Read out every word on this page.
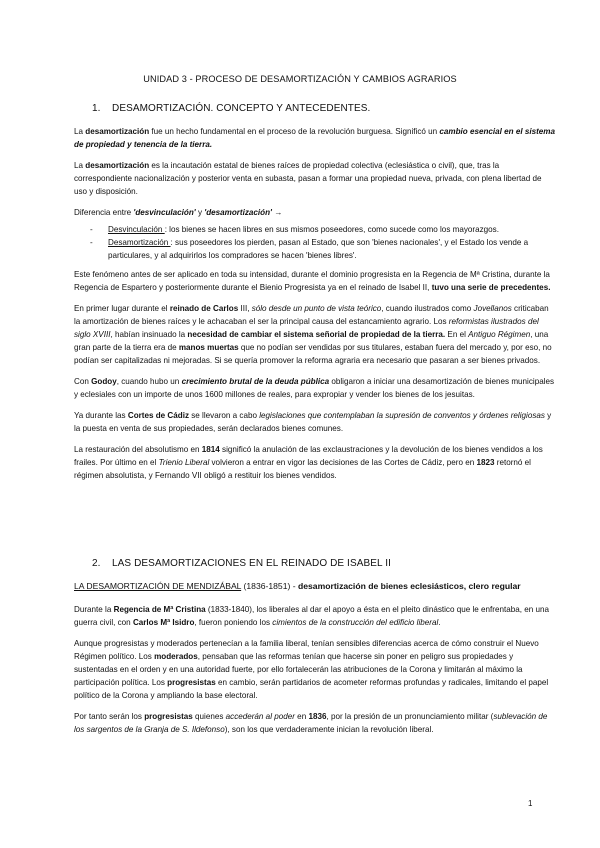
UNIDAD 3 - PROCESO DE DESAMORTIZACIÓN Y CAMBIOS AGRARIOS
1. DESAMORTIZACIÓN. CONCEPTO Y ANTECEDENTES.

La desamortización fue un hecho fundamental en el proceso de la revolución burguesa. Significó un cambio esencial en el sistema de propiedad y tenencia de la tierra.

La desamortización es la incautación estatal de bienes raíces de propiedad colectiva (eclesiástica o civil), que, tras la correspondiente nacionalización y posterior venta en subasta, pasan a formar una propiedad nueva, privada, con plena libertad de uso y disposición.

Diferencia entre 'desvinculación' y 'desamortización' →

- Desvinculación : los bienes se hacen libres en sus mismos poseedores, como sucede como los mayorazgos.
- Desamortización : sus poseedores los pierden, pasan al Estado, que son 'bienes nacionales', y el Estado los vende a particulares, y al adquirirlos los compradores se hacen 'bienes libres'.

Este fenómeno antes de ser aplicado en toda su intensidad, durante el dominio progresista en la Regencia de Mª Cristina, durante la Regencia de Espartero y posteriormente durante el Bienio Progresista ya en el reinado de Isabel II, tuvo una serie de precedentes.

En primer lugar durante el reinado de Carlos III, sólo desde un punto de vista teórico, cuando ilustrados como Jovellanos criticaban la amortización de bienes raíces y le achacaban el ser la principal causa del estancamiento agrario. Los reformistas ilustrados del siglo XVIII, habían insinuado la necesidad de cambiar el sistema señorial de propiedad de la tierra. En el Antiguo Régimen, una gran parte de la tierra era de manos muertas que no podían ser vendidas por sus titulares, estaban fuera del mercado y, por eso, no podían ser capitalizadas ni mejoradas. Si se quería promover la reforma agraria era necesario que pasaran a ser bienes privados.

Con Godoy, cuando hubo un crecimiento brutal de la deuda pública obligaron a iniciar una desamortización de bienes municipales y eclesiales con un importe de unos 1600 millones de reales, para expropiar y vender los bienes de los jesuitas.

Ya durante las Cortes de Cádiz se llevaron a cabo legislaciones que contemplaban la supresión de conventos y órdenes religiosas y la puesta en venta de sus propiedades, serán declarados bienes comunes.

La restauración del absolutismo en 1814 significó la anulación de las exclaustraciones y la devolución de los bienes vendidos a los frailes. Por último en el Trienio Liberal volvieron a entrar en vigor las decisiones de las Cortes de Cádiz, pero en 1823 retornó el régimen absolutista, y Fernando VII obligó a restituir los bienes vendidos.

2. LAS DESAMORTIZACIONES EN EL REINADO DE ISABEL II

LA DESAMORTIZACIÓN DE MENDIZÁBAL (1836-1851) - desamortización de bienes eclesiásticos, clero regular

Durante la Regencia de Mª Cristina (1833-1840), los liberales al dar el apoyo a ésta en el pleito dinástico que le enfrentaba, en una guerra civil, con Carlos Mª Isidro, fueron poniendo los cimientos de la construcción del edificio liberal.

Aunque progresistas y moderados pertenecían a la familia liberal, tenían sensibles diferencias acerca de cómo construir el Nuevo Régimen político. Los moderados, pensaban que las reformas tenían que hacerse sin poner en peligro sus propiedades y sustentadas en el orden y en una autoridad fuerte, por ello fortalecerán las atribuciones de la Corona y limitarán al máximo la participación política. Los progresistas en cambio, serán partidarios de acometer reformas profundas y radicales, limitando el papel político de la Corona y ampliando la base electoral.

Por tanto serán los progresistas quienes accederán al poder en 1836, por la presión de un pronunciamiento militar (sublevación de los sargentos de la Granja de S. Ildefonso), son los que verdaderamente inician la revolución liberal.

1
